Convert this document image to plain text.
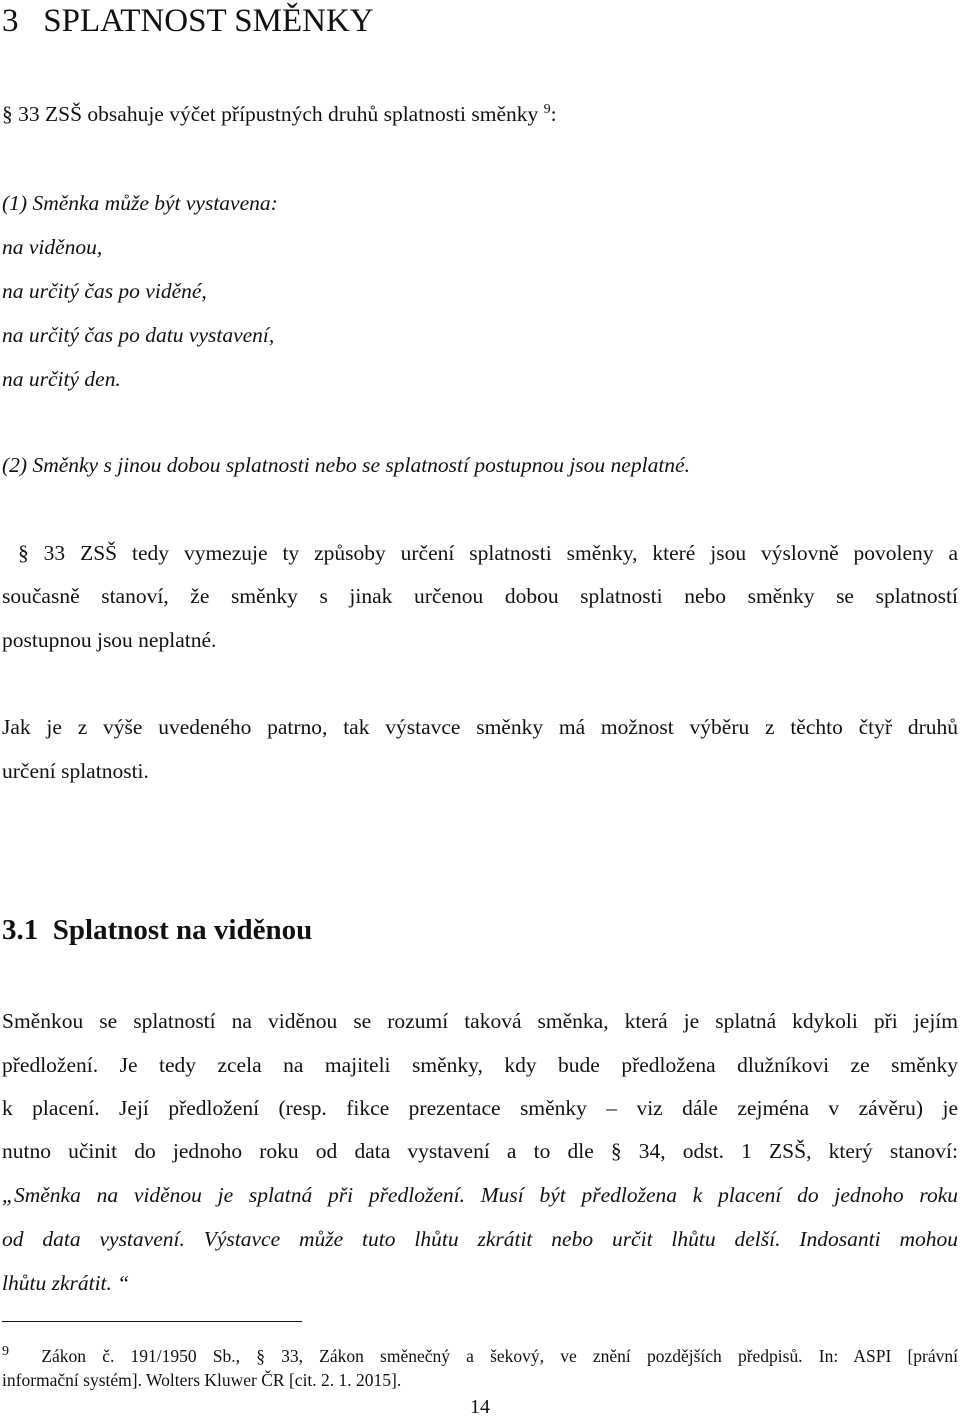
3 SPLATNOST SMĚNKY
§ 33 ZSŠ obsahuje výčet přípustných druhů splatnosti směnky $^9$:
(1) Směnka může být vystavena:
na viděnou,
na určitý čas po viděné,
na určitý čas po datu vystavení,
na určitý den.
(2) Směnky s jinou dobou splatnosti nebo se splatností postupnou jsou neplatné.
§ 33 ZSŠ tedy vymezuje ty způsoby určení splatnosti směnky, které jsou výslovně povoleny a
současně stanoví, že směnky s jinak určenou dobou splatnosti nebo směnky se splatností
postupnou jsou neplatné.
Jak je z výše uvedeného patrno, tak výstavce směnky má možnost výběru z těchto čtyř druhů
určení splatnosti.
3.1 Splatnost na viděnou
Směnkou se splatností na viděnou se rozumí taková směnka, která je splatná kdykoli při jejím
předložení. Je tedy zcela na majiteli směnky, kdy bude předložena dlužníkovi ze směnky
k placení. Její předložení (resp. fikce prezentace směnky – viz dále zejména v závěru) je
nutno učinit do jednoho roku od data vystavení a to dle § 34, odst. 1 ZSŠ, který stanoví:
„Směnka na viděnou je splatná při předložení. Musí být předložena k placení do jednoho roku
od data vystavení. Výstavce může tuto lhůtu zkrátit nebo určit lhůtu delší. Indosanti mohou
lhůtu zkrátit. “
$^9$ Zákon č. 191/1950 Sb., § 33, Zákon směnečný a šekový, ve znění pozdějších předpisů. In: ASPI [právní
informační systém]. Wolters Kluwer ČR [cit. 2. 1. 2015].
14
